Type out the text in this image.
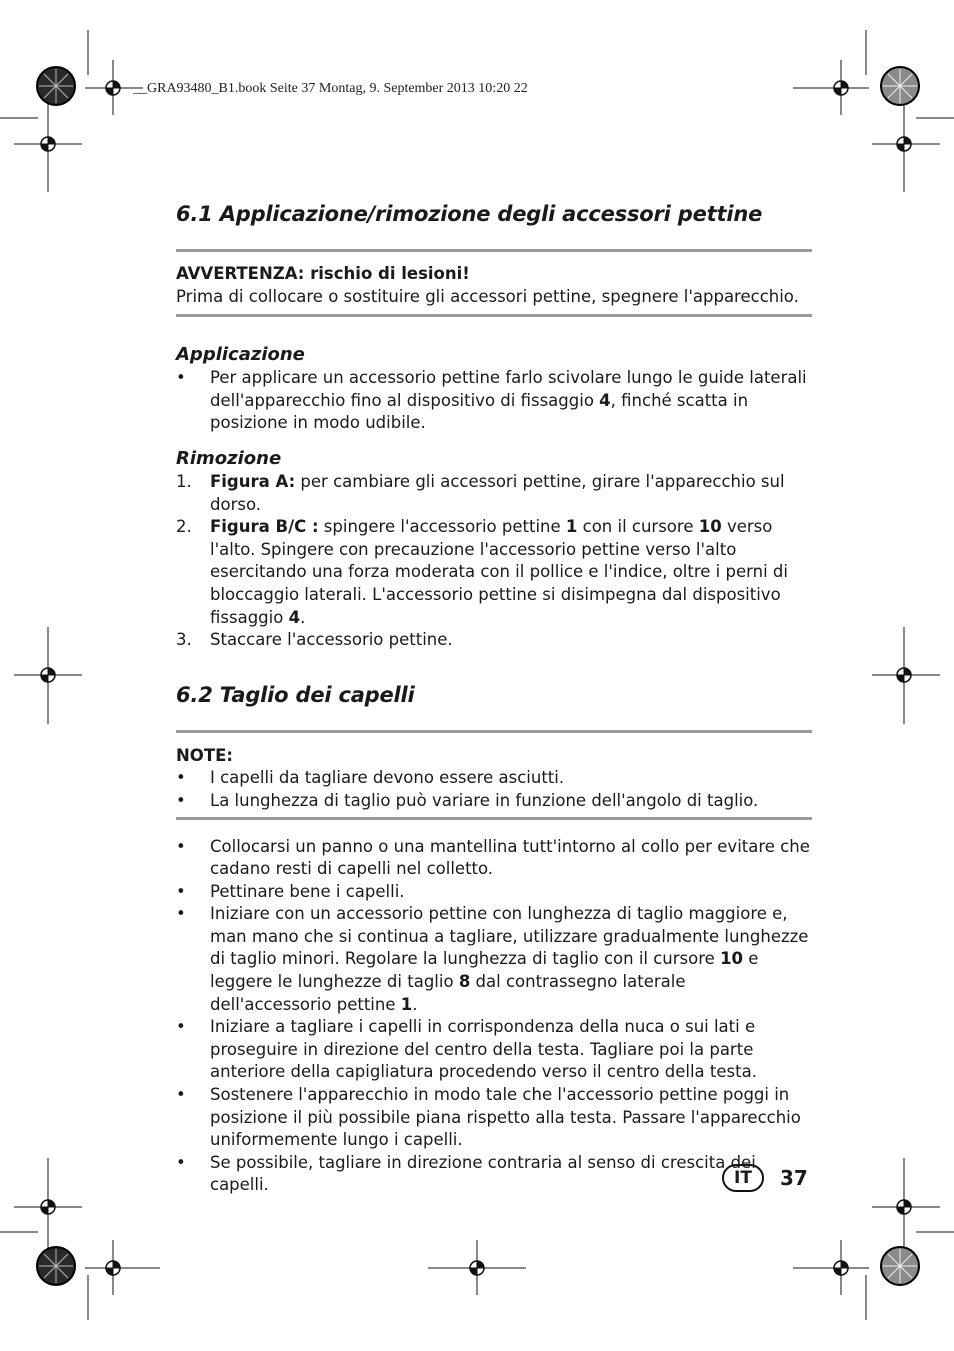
__GRA93480_B1.book Seite 37 Montag, 9. September 2013 10:20 22
6.1 Applicazione/rimozione degli accessori pettine

AVVERTENZA: rischio di lesioni!

Prima di collocare o sostituire gli accessori pettine, spegnere l'apparecchio.

Applicazione
•	Per applicare un accessorio pettine farlo scivolare lungo le guide laterali dell'apparecchio fino al dispositivo di fissaggio 4, finché scatta in posizione in modo udibile.
Rimozione
1.	Figura A: per cambiare gli accessori pettine, girare l'apparecchio sul dorso.
2.	Figura B/C : spingere l'accessorio pettine 1 con il cursore 10 verso l'alto. Spingere con precauzione l'accessorio pettine verso l'alto esercitando una forza moderata con il pollice e l'indice, oltre i perni di bloccaggio laterali. L'accessorio pettine si disimpegna dal dispositivo fissaggio 4.
3.	Staccare l'accessorio pettine.
6.2 Taglio dei capelli

NOTE:

•	I capelli da tagliare devono essere asciutti.
•	La lunghezza di taglio può variare in funzione dell'angolo di taglio.
•	Collocarsi un panno o una mantellina tutt'intorno al collo per evitare che cadano resti di capelli nel colletto.
•	Pettinare bene i capelli.
•	Iniziare con un accessorio pettine con lunghezza di taglio maggiore e, man mano che si continua a tagliare, utilizzare gradualmente lunghezze di taglio minori. Regolare la lunghezza di taglio con il cursore 10 e leggere le lunghezze di taglio 8 dal contrassegno laterale dell'accessorio pettine 1.
•	Iniziare a tagliare i capelli in corrispondenza della nuca o sui lati e proseguire in direzione del centro della testa. Tagliare poi la parte anteriore della capigliatura procedendo verso il centro della testa.
•	Sostenere l'apparecchio in modo tale che l'accessorio pettine poggi in posizione il più possibile piana rispetto alla testa. Passare l'apparecchio uniformemente lungo i capelli.
•	Se possibile, tagliare in direzione contraria al senso di crescita dei capelli.	IT	37
